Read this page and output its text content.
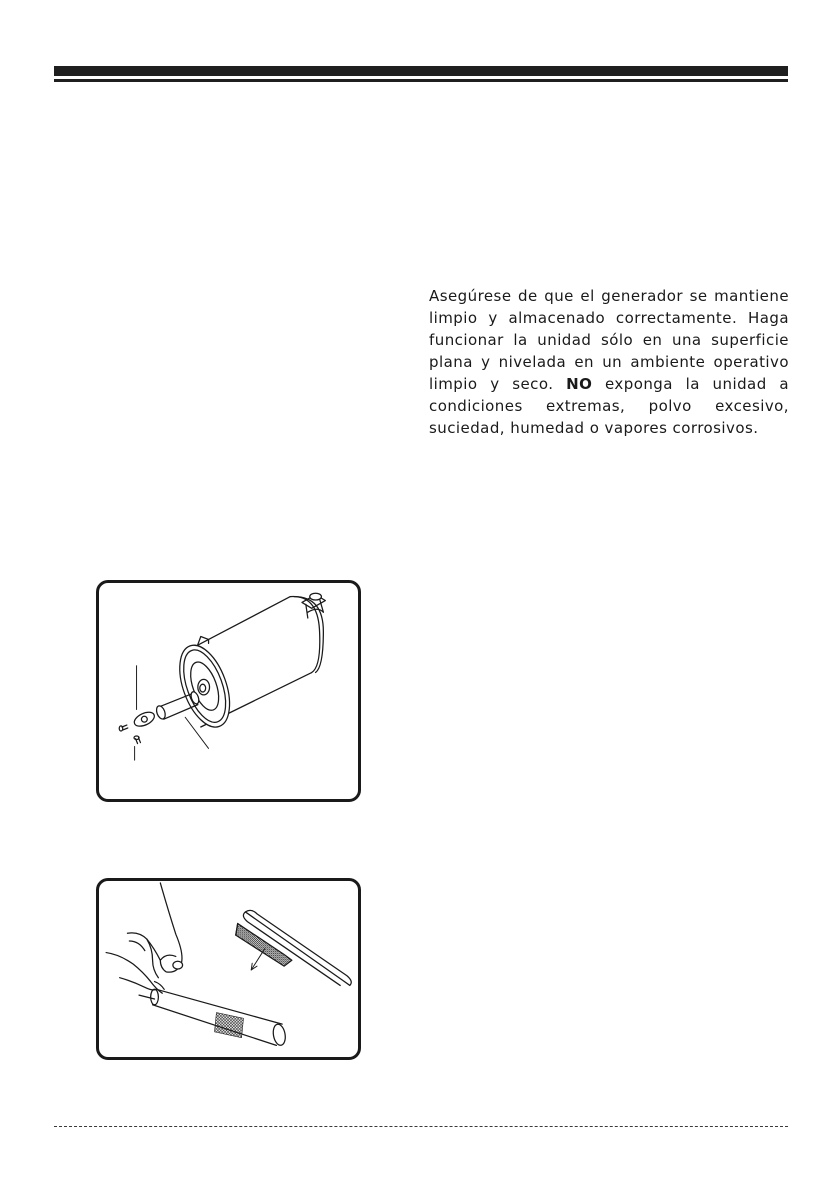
Asegúrese de que el generador se mantiene limpio y almacenado correctamente. Haga funcionar la unidad sólo en una superficie plana y nivelada en un ambiente operativo limpio y seco. NO exponga la unidad a condiciones extremas, polvo excesivo, suciedad, humedad o vapores corrosivos.
